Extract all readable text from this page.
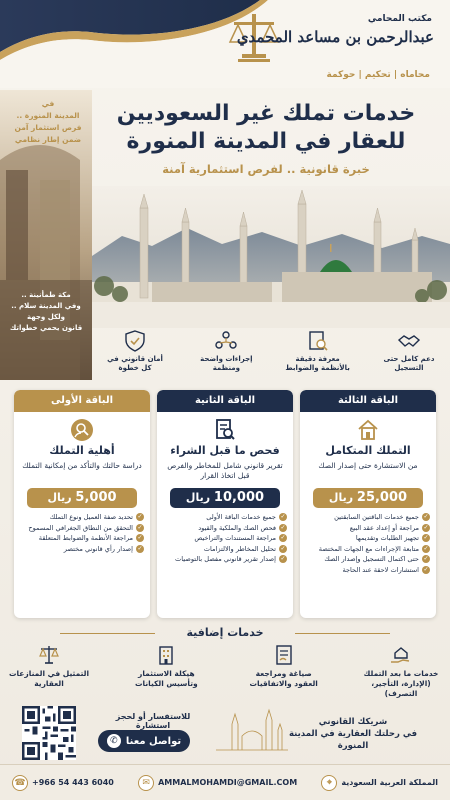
مكتب المحامي
عبدالرحمن بن مساعد المحمدي
محاماه | تحكيم | حوكمة
في
المدينة المنورة ..
فرص استثمار آمن
ضمن إطار نظامي
مكة طمأنينة ..
وفي المدينة سلام ..
ولكل وجهة
قانون يحمي خطواتك
خدمات تملك غير السعوديين
للعقار في المدينة المنورة
خبرة قانونية .. لفرص استثمارية آمنة
دعم كامل حتى التسجيل
معرفة دقيقة بالأنظمة والضوابط
إجراءات واضحة ومنظمة
أمان قانوني في كل خطوة
الباقة الثالثة
التملك المتكامل
من الاستشارة حتى إصدار الصك
25,000 ريال
✓
جميع خدمات الباقتين السابقتين
✓
مراجعة أو إعداد عقد البيع
✓
تجهيز الطلبات وتقديمها
✓
متابعة الإجراءات مع الجهات المختصة
✓
حتى اكتمال التسجيل وإصدار الصك
✓
استشارات لاحقة عند الحاجة
الباقة الثانية
فحص ما قبل الشراء
تقرير قانوني شامل للمخاطر والفرص قبل اتخاذ القرار
10,000 ريال
✓
جميع خدمات الباقة الأولى
✓
فحص الصك والملكية والقيود
✓
مراجعة المستندات والتراخيص
✓
تحليل المخاطر والالتزامات
✓
إصدار تقرير قانوني مفصل بالتوصيات
الباقة الأولى
أهلية التملك
دراسة حالتك والتأكد من إمكانية التملك
5,000 ريال
✓
تحديد صفة العميل ونوع التملك
✓
التحقق من النطاق الجغرافي المسموح
✓
مراجعة الأنظمة والضوابط المتعلقة
✓
إصدار رأي قانوني مختصر
خدمات إضافية
خدمات ما بعد التملك (الإدارة، التأجير، التصرف)
صياغة ومراجعة العقود والاتفاقيات
هيكلة الاستثمار وتأسيس الكيانات
التمثيل في المنازعات العقارية
شريكك القانوني
في رحلتك العقارية في المدينة المنورة
للاستفسار أو لحجز استشارة
تواصل معنا
✆
☎ +966 54 443 6040	✉	AMMALMOHAMDI@GMAIL.COM	⌖	المملكة العربية السعودية
